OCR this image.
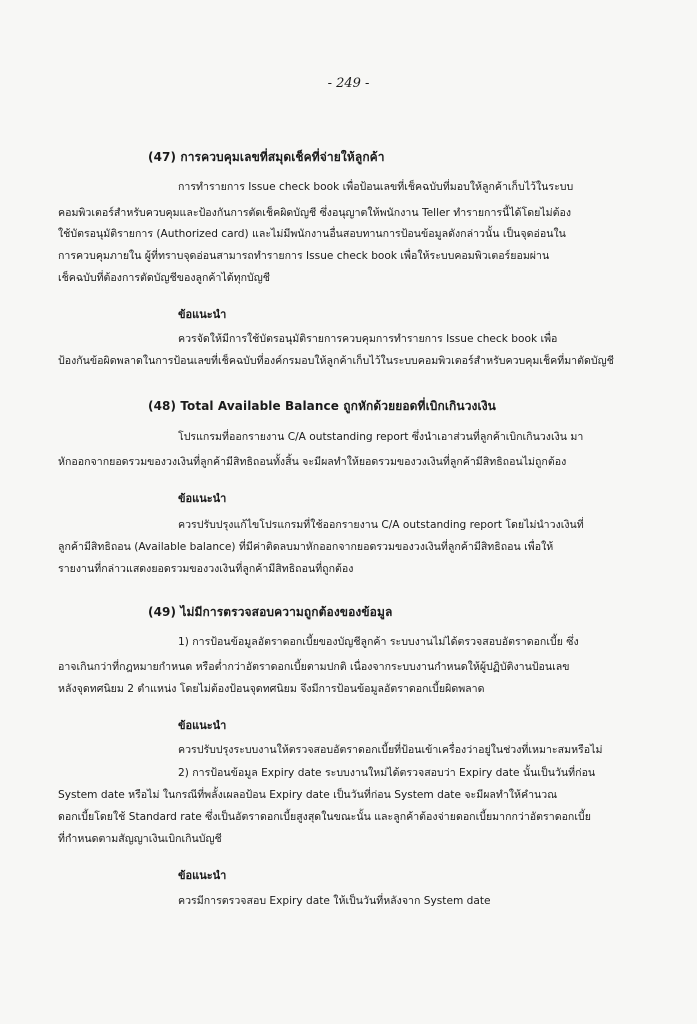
- 249 -
(47) การควบคุมเลขที่สมุดเช็คที่จ่ายให้ลูกค้า
การทำรายการ Issue check book เพื่อป้อนเลขที่เช็คฉบับที่มอบให้ลูกค้าเก็บไว้ในระบบ
คอมพิวเตอร์สำหรับควบคุมและป้องกันการตัดเช็คผิดบัญชี ซึ่งอนุญาตให้พนักงาน Teller ทำรายการนี้ได้โดยไม่ต้อง
ใช้บัตรอนุมัติรายการ (Authorized card) และไม่มีพนักงานอื่นสอบทานการป้อนข้อมูลดังกล่าวนั้น เป็นจุดอ่อนใน
การควบคุมภายใน ผู้ที่ทราบจุดอ่อนสามารถทำรายการ Issue check book เพื่อให้ระบบคอมพิวเตอร์ยอมผ่าน
เช็คฉบับที่ต้องการตัดบัญชีของลูกค้าได้ทุกบัญชี
ข้อแนะนำ
ควรจัดให้มีการใช้บัตรอนุมัติรายการควบคุมการทำรายการ Issue check book เพื่อ
ป้องกันข้อผิดพลาดในการป้อนเลขที่เช็คฉบับที่องค์กรมอบให้ลูกค้าเก็บไว้ในระบบคอมพิวเตอร์สำหรับควบคุมเช็คที่มาตัดบัญชี
(48) Total Available Balance ถูกหักด้วยยอดที่เบิกเกินวงเงิน
โปรแกรมที่ออกรายงาน C/A outstanding report ซึ่งนำเอาส่วนที่ลูกค้าเบิกเกินวงเงิน มา
หักออกจากยอดรวมของวงเงินที่ลูกค้ามีสิทธิถอนทั้งสิ้น จะมีผลทำให้ยอดรวมของวงเงินที่ลูกค้ามีสิทธิถอนไม่ถูกต้อง
ข้อแนะนำ
ควรปรับปรุงแก้ไขโปรแกรมที่ใช้ออกรายงาน C/A outstanding report โดยไม่นำวงเงินที่
ลูกค้ามีสิทธิถอน (Available balance) ที่มีค่าติดลบมาหักออกจากยอดรวมของวงเงินที่ลูกค้ามีสิทธิถอน เพื่อให้
รายงานที่กล่าวแสดงยอดรวมของวงเงินที่ลูกค้ามีสิทธิถอนที่ถูกต้อง
(49) ไม่มีการตรวจสอบความถูกต้องของข้อมูล
1) การป้อนข้อมูลอัตราดอกเบี้ยของบัญชีลูกค้า ระบบงานไม่ได้ตรวจสอบอัตราดอกเบี้ย ซึ่ง
อาจเกินกว่าที่กฎหมายกำหนด หรือต่ำกว่าอัตราดอกเบี้ยตามปกติ เนื่องจากระบบงานกำหนดให้ผู้ปฏิบัติงานป้อนเลข
หลังจุดทศนิยม 2 ตำแหน่ง โดยไม่ต้องป้อนจุดทศนิยม จึงมีการป้อนข้อมูลอัตราดอกเบี้ยผิดพลาด
ข้อแนะนำ
ควรปรับปรุงระบบงานให้ตรวจสอบอัตราดอกเบี้ยที่ป้อนเข้าเครื่องว่าอยู่ในช่วงที่เหมาะสมหรือไม่
2) การป้อนข้อมูล Expiry date ระบบงานใหม่ได้ตรวจสอบว่า Expiry date นั้นเป็นวันที่ก่อน
System date หรือไม่ ในกรณีที่พลั้งเผลอป้อน Expiry date เป็นวันที่ก่อน System date จะมีผลทำให้คำนวณ
ดอกเบี้ยโดยใช้ Standard rate ซึ่งเป็นอัตราดอกเบี้ยสูงสุดในขณะนั้น และลูกค้าต้องจ่ายดอกเบี้ยมากกว่าอัตราดอกเบี้ย
ที่กำหนดตามสัญญาเงินเบิกเกินบัญชี
ข้อแนะนำ
ควรมีการตรวจสอบ Expiry date ให้เป็นวันที่หลังจาก System date
